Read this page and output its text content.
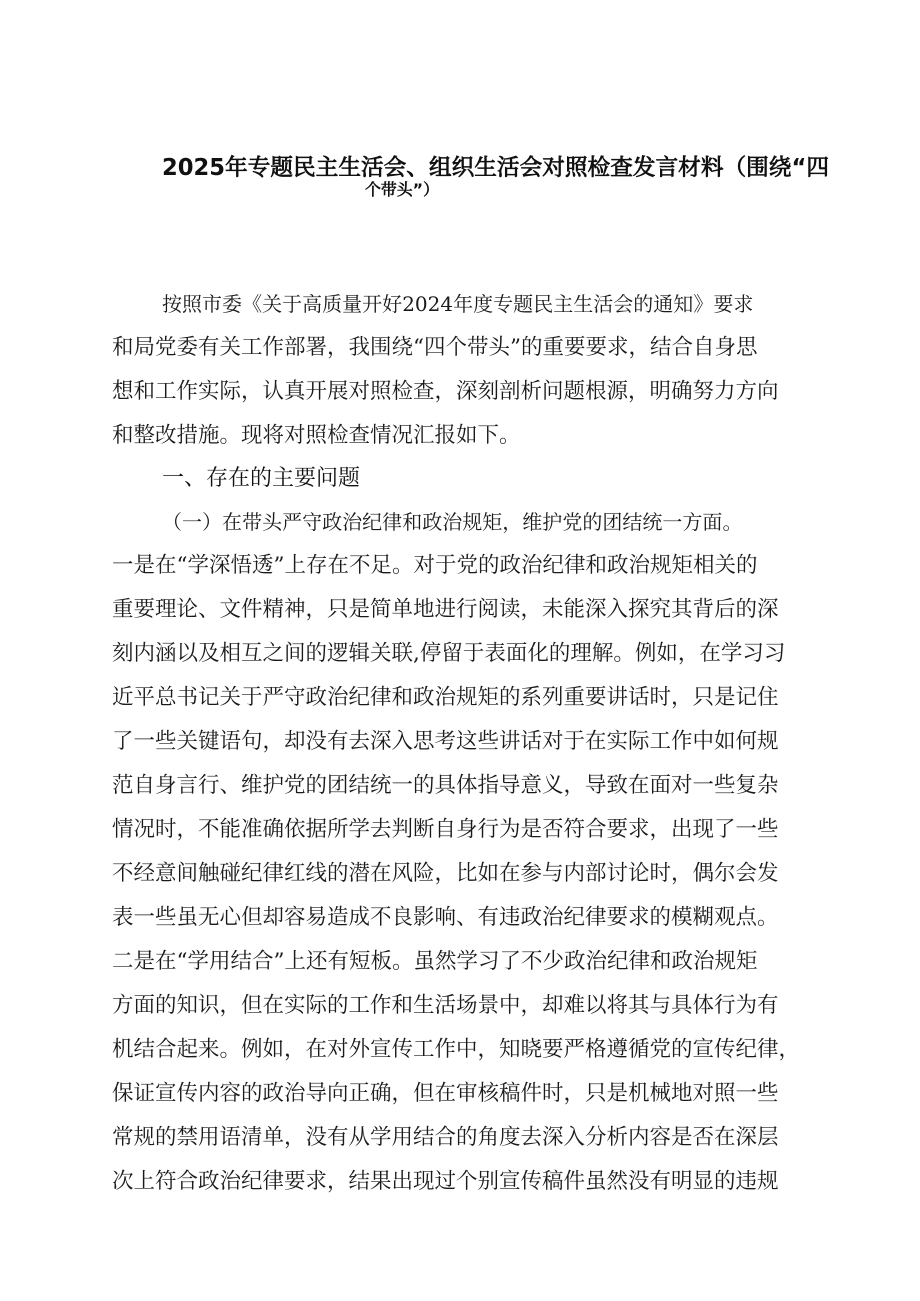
2025年专题民主生活会、组织生活会对照检查发言材料（围绕“四
个带头”）
按照市委《关于高质量开好2024年度专题民主生活会的通知》要求
和局党委有关工作部署，我围绕“四个带头”的重要要求，结合自身思
想和工作实际，认真开展对照检查，深刻剖析问题根源，明确努力方向
和整改措施。现将对照检查情况汇报如下。
一、存在的主要问题
（一）在带头严守政治纪律和政治规矩，维护党的团结统一方面。
一是在“学深悟透”上存在不足。对于党的政治纪律和政治规矩相关的
重要理论、文件精神，只是简单地进行阅读，未能深入探究其背后的深
刻内涵以及相互之间的逻辑关联,停留于表面化的理解。例如，在学习习
近平总书记关于严守政治纪律和政治规矩的系列重要讲话时，只是记住
了一些关键语句，却没有去深入思考这些讲话对于在实际工作中如何规
范自身言行、维护党的团结统一的具体指导意义，导致在面对一些复杂
情况时，不能准确依据所学去判断自身行为是否符合要求，出现了一些
不经意间触碰纪律红线的潜在风险，比如在参与内部讨论时，偶尔会发
表一些虽无心但却容易造成不良影响、有违政治纪律要求的模糊观点。
二是在“学用结合”上还有短板。虽然学习了不少政治纪律和政治规矩
方面的知识，但在实际的工作和生活场景中，却难以将其与具体行为有
机结合起来。例如，在对外宣传工作中，知晓要严格遵循党的宣传纪律，
保证宣传内容的政治导向正确，但在审核稿件时，只是机械地对照一些
常规的禁用语清单，没有从学用结合的角度去深入分析内容是否在深层
次上符合政治纪律要求，结果出现过个别宣传稿件虽然没有明显的违规
